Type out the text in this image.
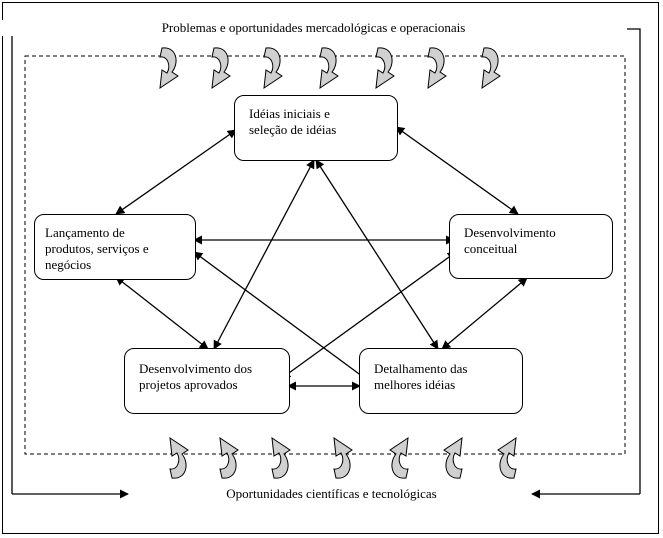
Problemas e oportunidades mercadológicas e operacionais
Oportunidades científicas e tecnológicas
Idéias iniciais e
seleção de idéias
Desenvolvimento
conceitual
Lançamento de
produtos, serviços e
negócios
Desenvolvimento dos
projetos aprovados
Detalhamento das
melhores idéias
